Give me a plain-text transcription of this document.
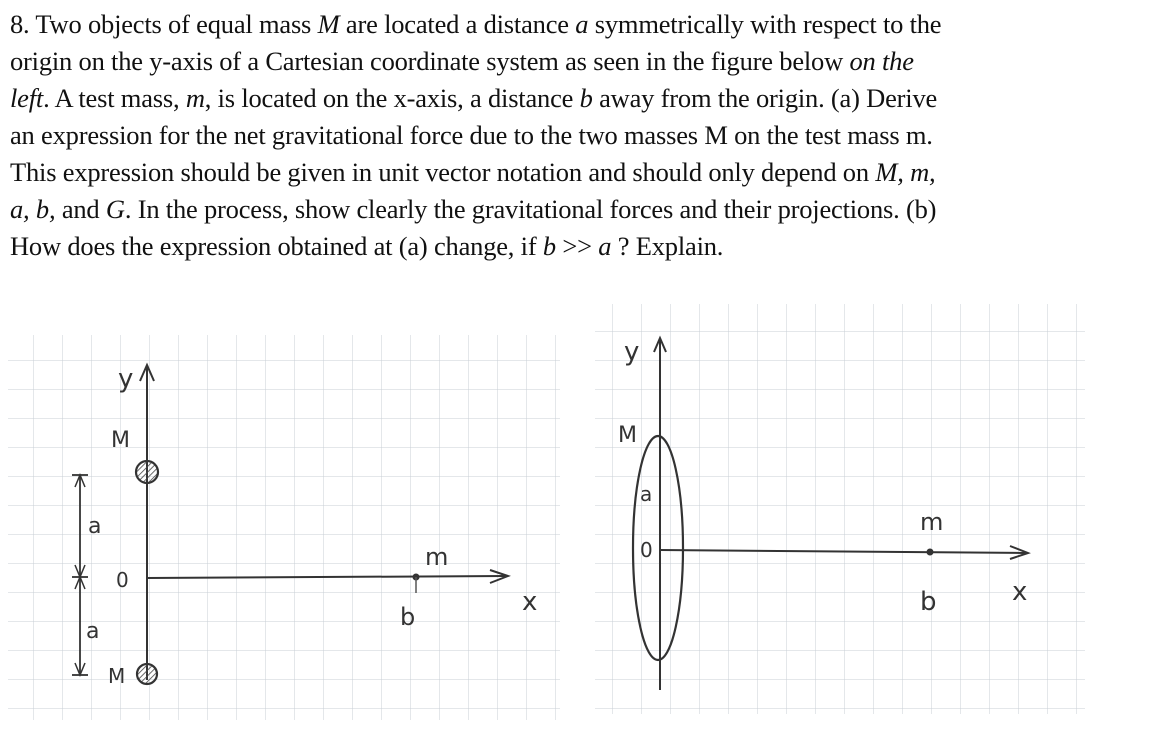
8. Two objects of equal mass M are located a distance a symmetrically with respect to the
origin on the y-axis of a Cartesian coordinate system as seen in the figure below on the
left. A test mass, m, is located on the x-axis, a distance b away from the origin. (a) Derive
an expression for the net gravitational force due to the two masses M on the test mass m.
This expression should be given in unit vector notation and should only depend on M, m,
a, b, and G. In the process, show clearly the gravitational forces and their projections. (b)
How does the expression obtained at (a) change, if b >> a ? Explain.
y
x
M
M
0
m
b
a
a
y
M
a
0
x
m
b
